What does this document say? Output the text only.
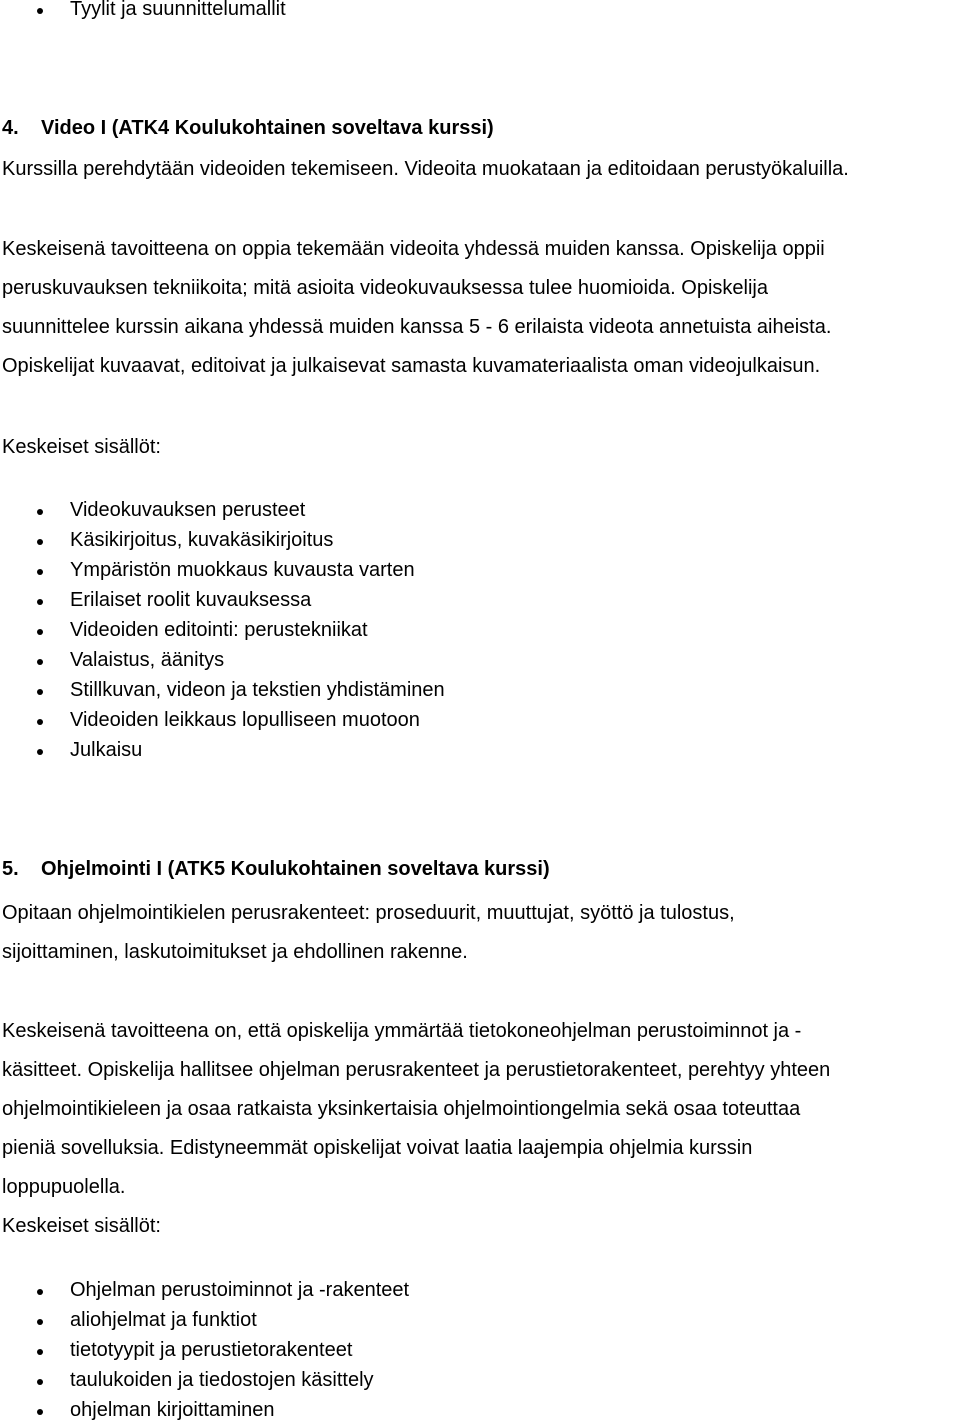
Tyylit ja suunnittelumallit

4. Video I (ATK4 Koulukohtainen soveltava kurssi)

Kurssilla perehdytään videoiden tekemiseen. Videoita muokataan ja editoidaan perustyökaluilla.

Keskeisenä tavoitteena on oppia tekemään videoita yhdessä muiden kanssa. Opiskelija oppii

peruskuvauksen tekniikoita; mitä asioita videokuvauksessa tulee huomioida. Opiskelija

suunnittelee kurssin aikana yhdessä muiden kanssa 5 - 6 erilaista videota annetuista aiheista.

Opiskelijat kuvaavat, editoivat ja julkaisevat samasta kuvamateriaalista oman videojulkaisun.

Keskeiset sisällöt:

Videokuvauksen perusteet
Käsikirjoitus, kuvakäsikirjoitus
Ympäristön muokkaus kuvausta varten
Erilaiset roolit kuvauksessa
Videoiden editointi: perustekniikat
Valaistus, äänitys
Stillkuvan, videon ja tekstien yhdistäminen
Videoiden leikkaus lopulliseen muotoon
Julkaisu

5. Ohjelmointi I (ATK5 Koulukohtainen soveltava kurssi)

Opitaan ohjelmointikielen perusrakenteet: proseduurit, muuttujat, syöttö ja tulostus,

sijoittaminen, laskutoimitukset ja ehdollinen rakenne.

Keskeisenä tavoitteena on, että opiskelija ymmärtää tietokoneohjelman perustoiminnot ja -

käsitteet. Opiskelija hallitsee ohjelman perusrakenteet ja perustietorakenteet, perehtyy yhteen

ohjelmointikieleen ja osaa ratkaista yksinkertaisia ohjelmointiongelmia sekä osaa toteuttaa

pieniä sovelluksia. Edistyneemmät opiskelijat voivat laatia laajempia ohjelmia kurssin

loppupuolella.

Keskeiset sisällöt:

Ohjelman perustoiminnot ja -rakenteet
aliohjelmat ja funktiot
tietotyypit ja perustietorakenteet
taulukoiden ja tiedostojen käsittely
ohjelman kirjoittaminen
